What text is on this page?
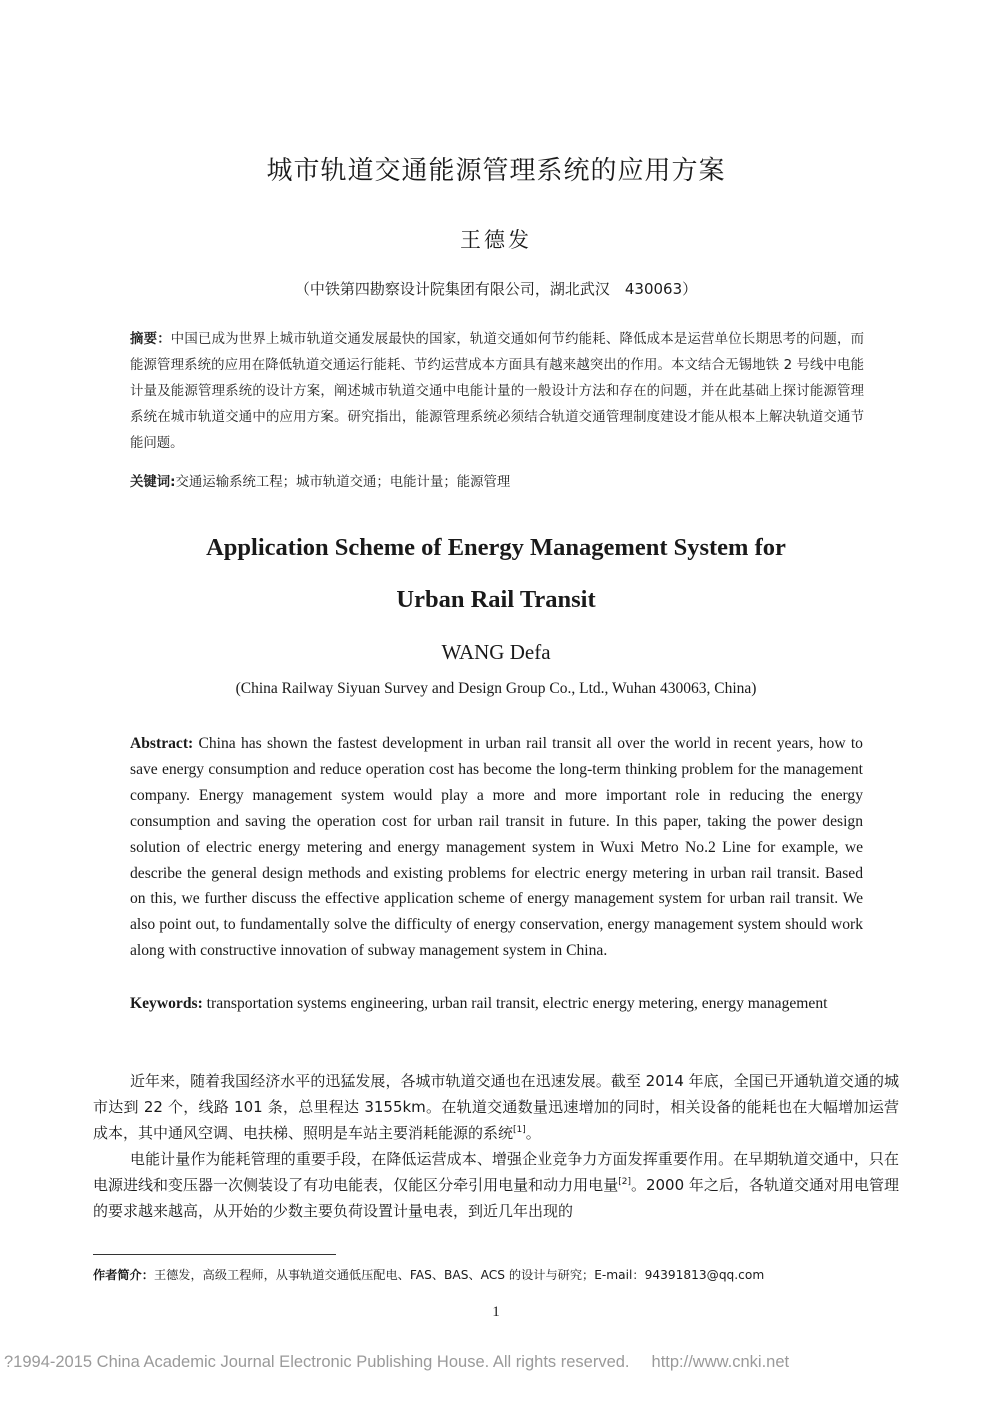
城市轨道交通能源管理系统的应用方案
王德发
（中铁第四勘察设计院集团有限公司，湖北武汉　430063）
摘要：中国已成为世界上城市轨道交通发展最快的国家，轨道交通如何节约能耗、降低成本是运营单位长期思考的问题，而能源管理系统的应用在降低轨道交通运行能耗、节约运营成本方面具有越来越突出的作用。本文结合无锡地铁 2 号线中电能计量及能源管理系统的设计方案，阐述城市轨道交通中电能计量的一般设计方法和存在的问题，并在此基础上探讨能源管理系统在城市轨道交通中的应用方案。研究指出，能源管理系统必须结合轨道交通管理制度建设才能从根本上解决轨道交通节能问题。
关键词:交通运输系统工程；城市轨道交通；电能计量；能源管理
Application Scheme of Energy Management System for
Urban Rail Transit
WANG Defa
(China Railway Siyuan Survey and Design Group Co., Ltd., Wuhan 430063, China)
Abstract: China has shown the fastest development in urban rail transit all over the world in recent years, how to save energy consumption and reduce operation cost has become the long-term thinking problem for the management company. Energy management system would play a more and more important role in reducing the energy consumption and saving the operation cost for urban rail transit in future. In this paper, taking the power design solution of electric energy metering and energy management system in Wuxi Metro No.2 Line for example, we describe the general design methods and existing problems for electric energy metering in urban rail transit. Based on this, we further discuss the effective application scheme of energy management system for urban rail transit. We also point out, to fundamentally solve the difficulty of energy conservation, energy management system should work along with constructive innovation of subway management system in China.
Keywords: transportation systems engineering, urban rail transit, electric energy metering, energy management
近年来，随着我国经济水平的迅猛发展，各城市轨道交通也在迅速发展。截至 2014 年底，全国已开通轨道交通的城市达到 22 个，线路 101 条，总里程达 3155km。在轨道交通数量迅速增加的同时，相关设备的能耗也在大幅增加运营成本，其中通风空调、电扶梯、照明是车站主要消耗能源的系统[1]。
电能计量作为能耗管理的重要手段，在降低运营成本、增强企业竞争力方面发挥重要作用。在早期轨道交通中，只在电源进线和变压器一次侧装设了有功电能表，仅能区分牵引用电量和动力用电量[2]。2000 年之后，各轨道交通对用电管理的要求越来越高，从开始的少数主要负荷设置计量电表，到近几年出现的
作者简介：王德发，高级工程师，从事轨道交通低压配电、FAS、BAS、ACS 的设计与研究；E-mail：94391813@qq.com
1
?1994-2015 China Academic Journal Electronic Publishing House. All rights reserved. http://www.cnki.net
